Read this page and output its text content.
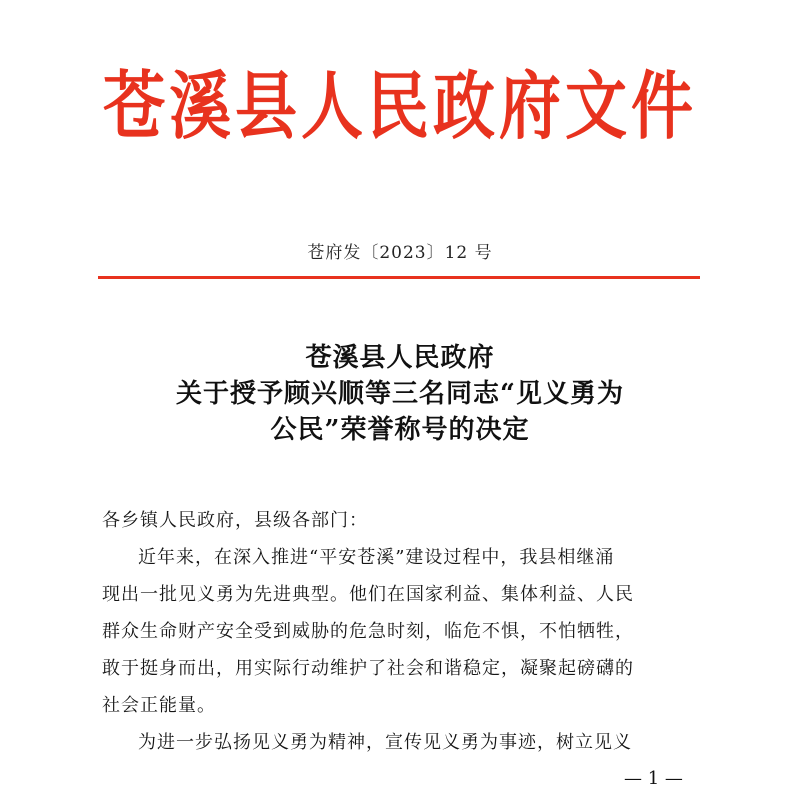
苍溪县人民政府文件
苍府发〔2023〕12 号
苍溪县人民政府
关于授予顾兴顺等三名同志“见义勇为
公民”荣誉称号的决定
各乡镇人民政府，县级各部门：
近年来，在深入推进“平安苍溪”建设过程中，我县相继涌
现出一批见义勇为先进典型。他们在国家利益、集体利益、人民
群众生命财产安全受到威胁的危急时刻，临危不惧，不怕牺牲，
敢于挺身而出，用实际行动维护了社会和谐稳定，凝聚起磅礴的
社会正能量。
为进一步弘扬见义勇为精神，宣传见义勇为事迹，树立见义
— 1 —
